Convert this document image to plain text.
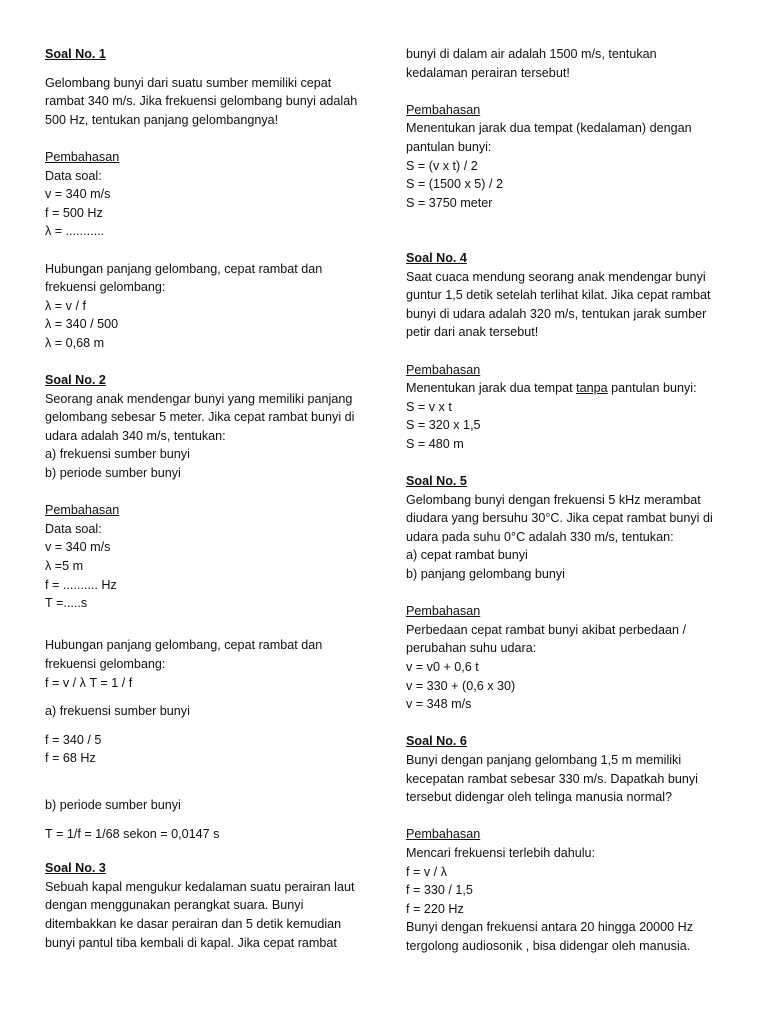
Soal No. 1
Gelombang bunyi dari suatu sumber memiliki cepat
rambat 340 m/s. Jika frekuensi gelombang bunyi adalah
500 Hz, tentukan panjang gelombangnya!
Pembahasan
Data soal:
v = 340 m/s
f = 500 Hz
λ = ...........
Hubungan panjang gelombang, cepat rambat dan
frekuensi gelombang:
λ = v / f
λ = 340 / 500
λ = 0,68 m
Soal No. 2
Seorang anak mendengar bunyi yang memiliki panjang
gelombang sebesar 5 meter. Jika cepat rambat bunyi di
udara adalah 340 m/s, tentukan:
a) frekuensi sumber bunyi
b) periode sumber bunyi
Pembahasan
Data soal:
v = 340 m/s
λ =5 m
f = .......... Hz
T =.....s
Hubungan panjang gelombang, cepat rambat dan
frekuensi gelombang:
f = v / λ T = 1 / f
a) frekuensi sumber bunyi
f = 340 / 5
f = 68 Hz
b) periode sumber bunyi
T = 1/f = 1/68 sekon = 0,0147 s
Soal No. 3
Sebuah kapal mengukur kedalaman suatu perairan laut
dengan menggunakan perangkat suara. Bunyi
ditembakkan ke dasar perairan dan 5 detik kemudian
bunyi pantul tiba kembali di kapal. Jika cepat rambat
bunyi di dalam air adalah 1500 m/s, tentukan
kedalaman perairan tersebut!
Pembahasan
Menentukan jarak dua tempat (kedalaman) dengan
pantulan bunyi:
S = (v x t) / 2
S = (1500 x 5) / 2
S = 3750 meter
Soal No. 4
Saat cuaca mendung seorang anak mendengar bunyi
guntur 1,5 detik setelah terlihat kilat. Jika cepat rambat
bunyi di udara adalah 320 m/s, tentukan jarak sumber
petir dari anak tersebut!
Pembahasan
Menentukan jarak dua tempat tanpa pantulan bunyi:
S = v x t
S = 320 x 1,5
S = 480 m
Soal No. 5
Gelombang bunyi dengan frekuensi 5 kHz merambat
diudara yang bersuhu 30°C. Jika cepat rambat bunyi di
udara pada suhu 0°C adalah 330 m/s, tentukan:
a) cepat rambat bunyi
b) panjang gelombang bunyi
Pembahasan
Perbedaan cepat rambat bunyi akibat perbedaan /
perubahan suhu udara:
v = v0 + 0,6 t
v = 330 + (0,6 x 30)
v = 348 m/s
Soal No. 6
Bunyi dengan panjang gelombang 1,5 m memiliki
kecepatan rambat sebesar 330 m/s. Dapatkah bunyi
tersebut didengar oleh telinga manusia normal?
Pembahasan
Mencari frekuensi terlebih dahulu:
f = v / λ
f = 330 / 1,5
f = 220 Hz
Bunyi dengan frekuensi antara 20 hingga 20000 Hz
tergolong audiosonik , bisa didengar oleh manusia.
